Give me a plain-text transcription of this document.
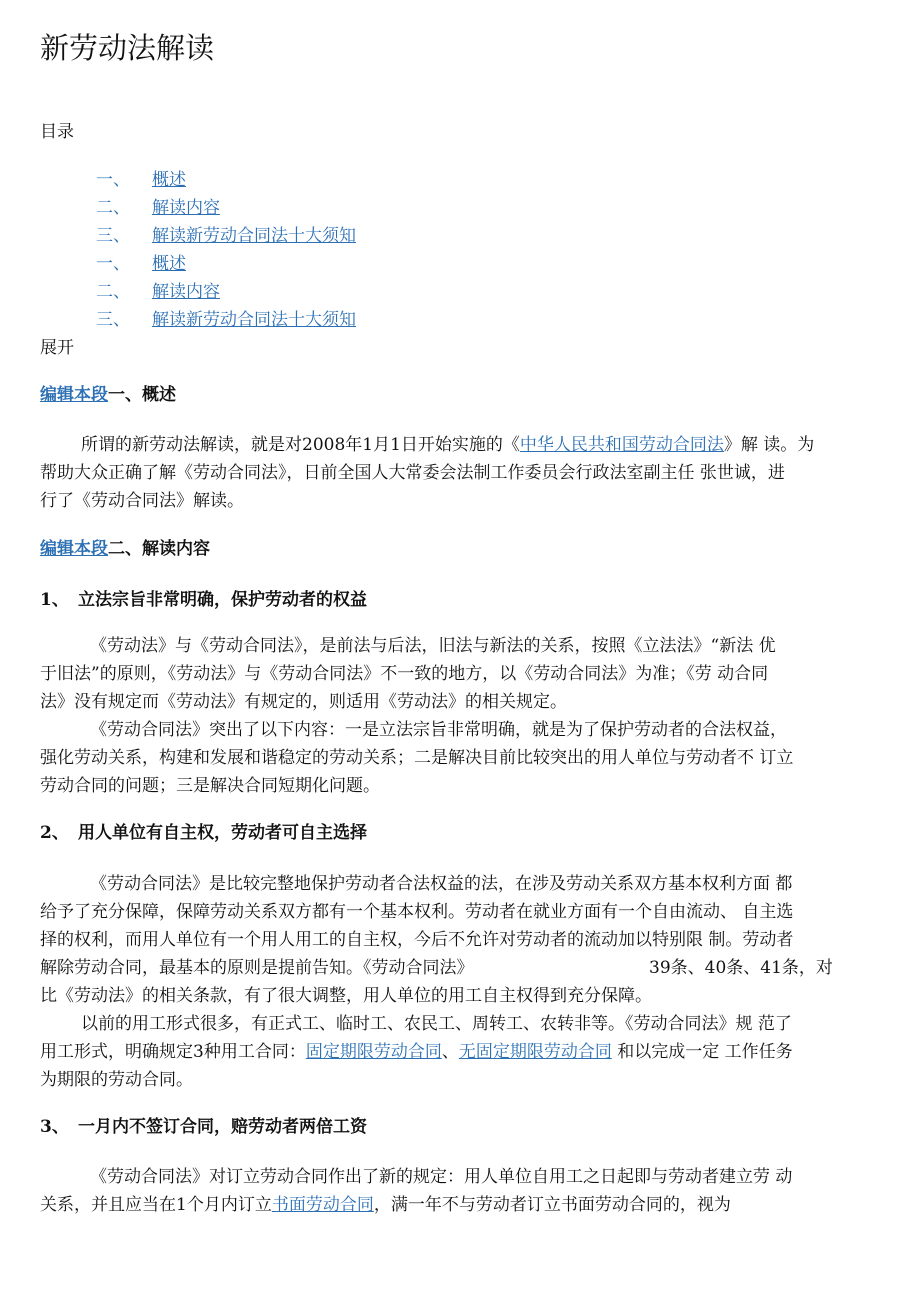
新劳动法解读
目录
一、 概述
二、 解读内容
三、 解读新劳动合同法十大须知
一、 概述
二、 解读内容
三、 解读新劳动合同法十大须知
展开
编辑本段一、概述
所谓的新劳动法解读，就是对2008年1月1日开始实施的《中华人民共和国劳动合同法》解 读。为
帮助大众正确了解《劳动合同法》，日前全国人大常委会法制工作委员会行政法室副主任 张世诚，进
行了《劳动合同法》解读。
编辑本段二、解读内容
1、 立法宗旨非常明确，保护劳动者的权益
《劳动法》与《劳动合同法》，是前法与后法，旧法与新法的关系，按照《立法法》“新法 优
于旧法”的原则，《劳动法》与《劳动合同法》不一致的地方，以《劳动合同法》为准；《劳 动合同
法》没有规定而《劳动法》有规定的，则适用《劳动法》的相关规定。
《劳动合同法》突出了以下内容：一是立法宗旨非常明确，就是为了保护劳动者的合法权益，
强化劳动关系，构建和发展和谐稳定的劳动关系；二是解决目前比较突出的用人单位与劳动者不 订立
劳动合同的问题；三是解决合同短期化问题。
2、 用人单位有自主权，劳动者可自主选择
《劳动合同法》是比较完整地保护劳动者合法权益的法，在涉及劳动关系双方基本权利方面 都
给予了充分保障，保障劳动关系双方都有一个基本权利。劳动者在就业方面有一个自由流动、 自主选
择的权利，而用人单位有一个用人用工的自主权，今后不允许对劳动者的流动加以特别限 制。劳动者
解除劳动合同，最基本的原则是提前告知。《劳动合同法》	39条、40条、41条，对
比《劳动法》的相关条款，有了很大调整，用人单位的用工自主权得到充分保障。
以前的用工形式很多，有正式工、临时工、农民工、周转工、农转非等。《劳动合同法》规 范了
用工形式，明确规定3种用工合同：固定期限劳动合同、无固定期限劳动合同 和以完成一定 工作任务
为期限的劳动合同。
3、 一月内不签订合同，赔劳动者两倍工资
《劳动合同法》对订立劳动合同作出了新的规定：用人单位自用工之日起即与劳动者建立劳 动
关系，并且应当在1个月内订立书面劳动合同，满一年不与劳动者订立书面劳动合同的，视为
